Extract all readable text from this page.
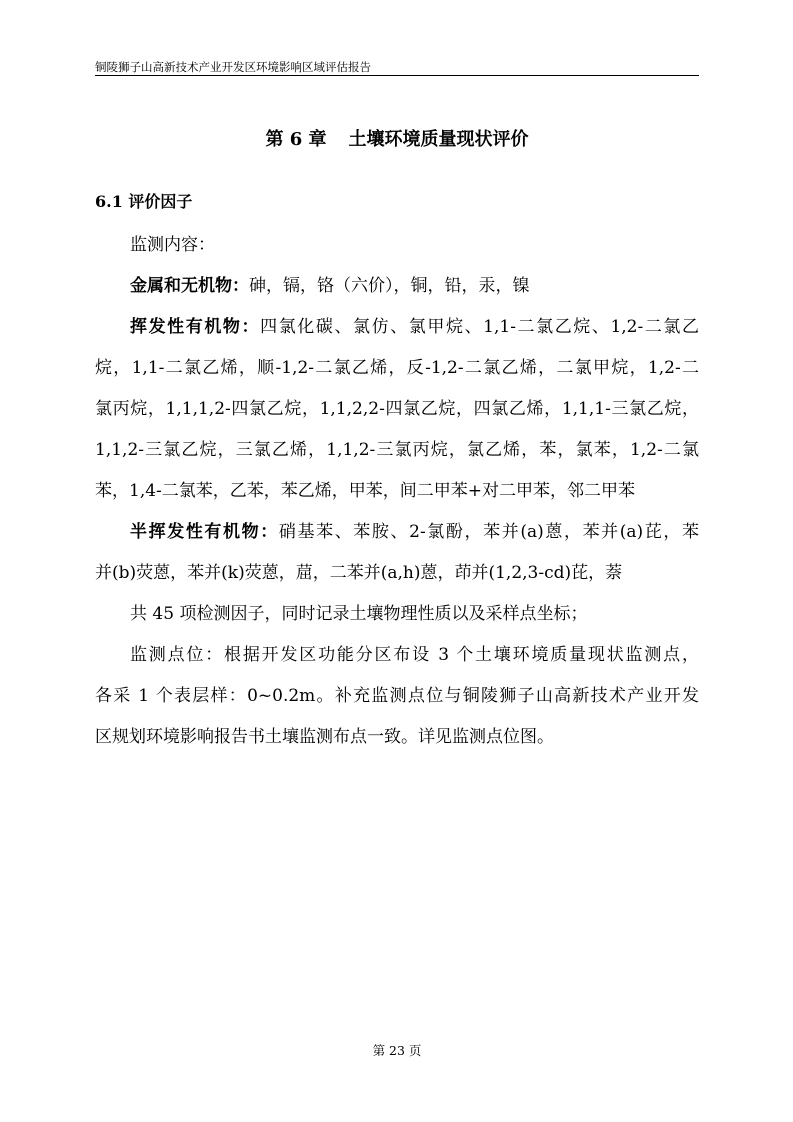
铜陵狮子山高新技术产业开发区环境影响区域评估报告
第 6 章 土壤环境质量现状评价
6.1 评价因子

监测内容：

金属和无机物：砷，镉，铬（六价），铜，铅，汞，镍

挥发性有机物：四氯化碳、氯仿、氯甲烷、1,1-二氯乙烷、1,2-二氯乙
烷，1,1-二氯乙烯，顺-1,2-二氯乙烯，反-1,2-二氯乙烯，二氯甲烷，1,2-二
氯丙烷，1,1,1,2-四氯乙烷，1,1,2,2-四氯乙烷，四氯乙烯，1,1,1-三氯乙烷，
1,1,2-三氯乙烷，三氯乙烯，1,1,2-三氯丙烷，氯乙烯，苯，氯苯，1,2-二氯
苯，1,4-二氯苯，乙苯，苯乙烯，甲苯，间二甲苯+对二甲苯，邻二甲苯

半挥发性有机物：硝基苯、苯胺、2-氯酚，苯并(a)蒽，苯并(a)芘，苯
并(b)荧蒽，苯并(k)荧蒽，䓛，二苯并(a,h)蒽，茚并(1,2,3-cd)芘，萘

共 45 项检测因子，同时记录土壤物理性质以及采样点坐标；

监测点位：根据开发区功能分区布设 3 个土壤环境质量现状监测点，
各采 1 个表层样：0~0.2m。补充监测点位与铜陵狮子山高新技术产业开发
区规划环境影响报告书土壤监测布点一致。详见监测点位图。

第 23 页
